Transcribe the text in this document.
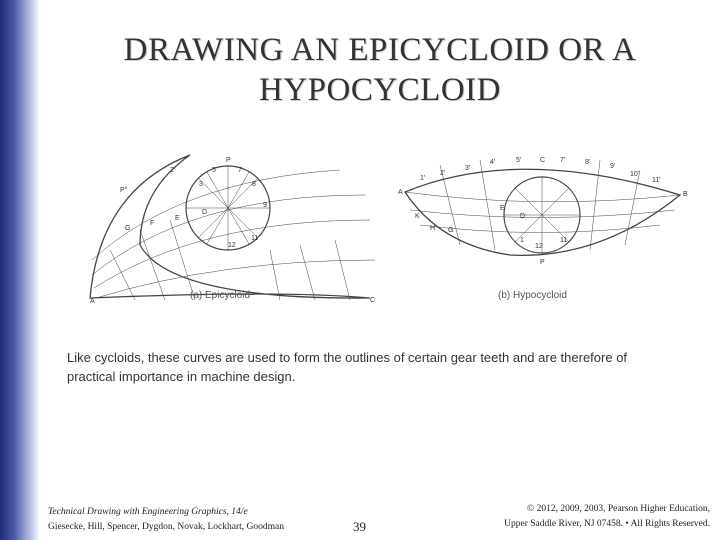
DRAWING AN EPICYCLOID OR A
HYPOCYCLOID
P
7
5
8
3
9
2'
P''
E
G
F
D
12
11
A	C
(a) Epicycloid
C
5'	7'
4'	8'
3'	9'
2'	10'
1'	11'
A	B
E
D
P
12
11
1
K
H G
(b) Hypocycloid
Like cycloids, these curves are used to form the outlines of certain gear teeth and are therefore of practical importance in machine design.
Technical Drawing with Engineering Graphics, 14/e
Giesecke, Hill, Spencer, Dygdon, Novak, Lockhart, Goodman	39
© 2012, 2009, 2003, Pearson Higher Education,
Upper Saddle River, NJ 07458. • All Rights Reserved.
